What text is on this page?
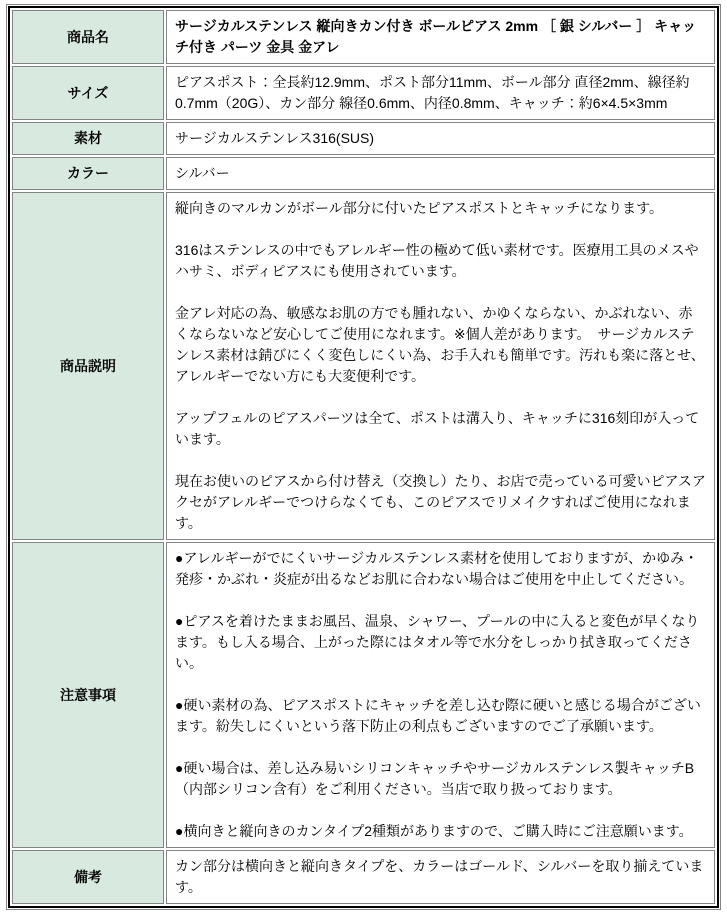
商品名	サージカルステンレス 縦向きカン付き ボールピアス 2mm ［ 銀 シルバー ］ キャッチ付き パーツ 金具 金アレ
サイズ	ピアスポスト：全長約12.9mm、ポスト部分11mm、ボール部分 直径2mm、線径約0.7mm（20G）、カン部分 線径0.6mm、内径0.8mm、キャッチ：約6×4.5×3mm
素材	サージカルステンレス316(SUS)
カラー	シルバー
商品説明	縦向きのマルカンがボール部分に付いたピアスポストとキャッチになります。

316はステンレスの中でもアレルギー性の極めて低い素材です。医療用工具のメスやハサミ、ボディピアスにも使用されています。

金アレ対応の為、敏感なお肌の方でも腫れない、かゆくならない、かぶれない、赤くならないなど安心してご使用になれます。※個人差があります。　サージカルステンレス素材は錆びにくく変色しにくい為、お手入れも簡単です。汚れも楽に落とせ、アレルギーでない方にも大変便利です。

アップフェルのピアスパーツは全て、ポストは溝入り、キャッチに316刻印が入っています。

現在お使いのピアスから付け替え（交換し）たり、お店で売っている可愛いピアスアクセがアレルギーでつけらなくても、このピアスでリメイクすればご使用になれます。

注意事項	●アレルギーがでにくいサージカルステンレス素材を使用しておりますが、かゆみ・発疹・かぶれ・炎症が出るなどお肌に合わない場合はご使用を中止してください。

●ピアスを着けたままお風呂、温泉、シャワー、プールの中に入ると変色が早くなります。もし入る場合、上がった際にはタオル等で水分をしっかり拭き取ってください。

●硬い素材の為、ピアスポストにキャッチを差し込む際に硬いと感じる場合がございます。紛失しにくいという落下防止の利点もございますのでご了承願います。

●硬い場合は、差し込み易いシリコンキャッチやサージカルステンレス製キャッチB（内部シリコン含有）をご利用ください。当店で取り扱っております。

●横向きと縦向きのカンタイプ2種類がありますので、ご購入時にご注意願います。

備考	カン部分は横向きと縦向きタイプを、カラーはゴールド、シルバーを取り揃えています。
